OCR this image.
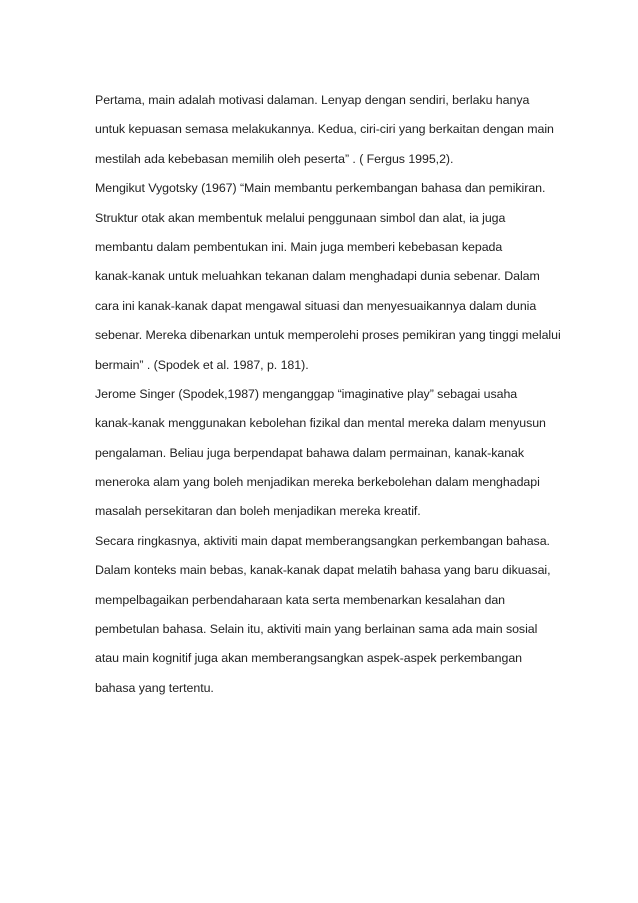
Pertama, main adalah motivasi dalaman. Lenyap dengan sendiri, berlaku hanya
untuk kepuasan semasa melakukannya. Kedua, ciri-ciri yang berkaitan dengan main
mestilah ada kebebasan memilih oleh peserta” . ( Fergus 1995,2).
Mengikut Vygotsky (1967) “Main membantu perkembangan bahasa dan pemikiran.
Struktur otak akan membentuk melalui penggunaan simbol dan alat, ia juga
membantu dalam pembentukan ini. Main juga memberi kebebasan kepada
kanak-kanak untuk meluahkan tekanan dalam menghadapi dunia sebenar. Dalam
cara ini kanak-kanak dapat mengawal situasi dan menyesuaikannya dalam dunia
sebenar. Mereka dibenarkan untuk memperolehi proses pemikiran yang tinggi melalui
bermain” . (Spodek et al. 1987, p. 181).
Jerome Singer (Spodek,1987) menganggap “imaginative play” sebagai usaha
kanak-kanak menggunakan kebolehan fizikal dan mental mereka dalam menyusun
pengalaman. Beliau juga berpendapat bahawa dalam permainan, kanak-kanak
meneroka alam yang boleh menjadikan mereka berkebolehan dalam menghadapi
masalah persekitaran dan boleh menjadikan mereka kreatif.
Secara ringkasnya, aktiviti main dapat memberangsangkan perkembangan bahasa.
Dalam konteks main bebas, kanak-kanak dapat melatih bahasa yang baru dikuasai,
mempelbagaikan perbendaharaan kata serta membenarkan kesalahan dan
pembetulan bahasa. Selain itu, aktiviti main yang berlainan sama ada main sosial
atau main kognitif juga akan memberangsangkan aspek-aspek perkembangan
bahasa yang tertentu.
